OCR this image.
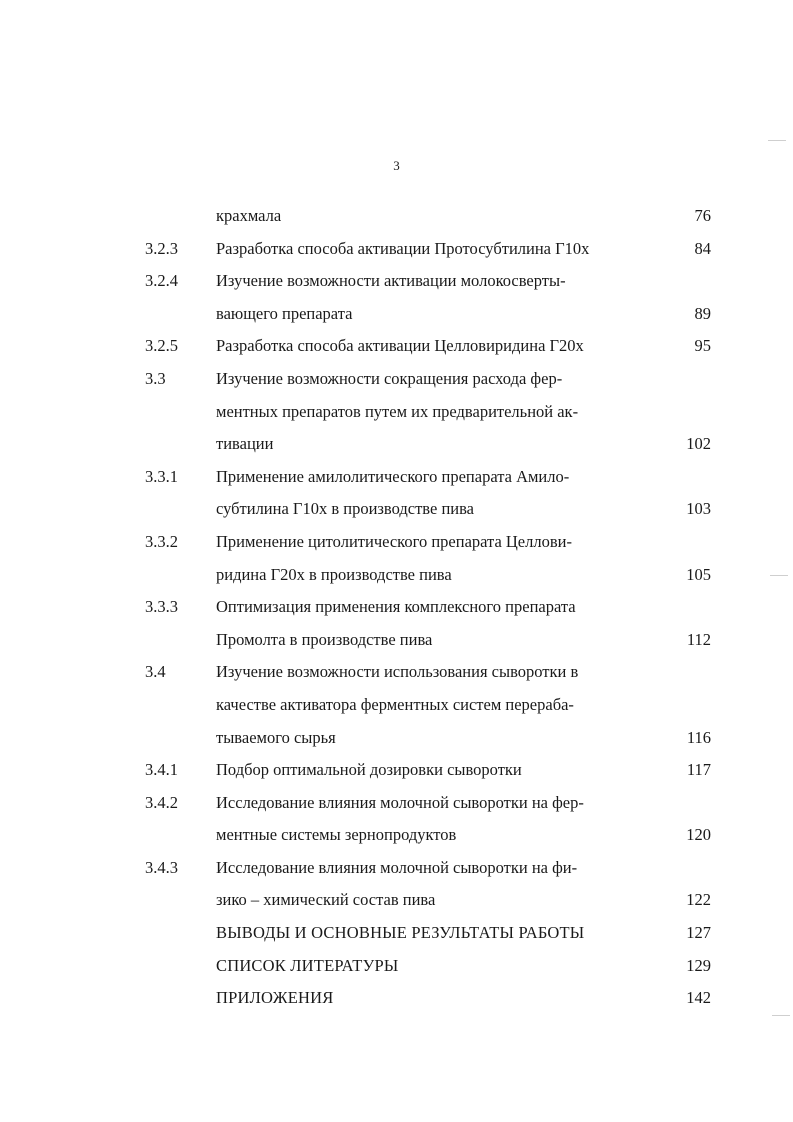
3
крахмала	76
3.2.3 Разработка способа активации Протосубтилина Г10х	84
3.2.4 Изучение возможности активации молокосверты-
вающего препарата	89
3.2.5 Разработка способа активации Целловиридина Г20х	95
3.3	Изучение возможности сокращения расхода фер-
ментных препаратов путем их предварительной ак-
тивации	102
3.3.1 Применение амилолитического препарата Амило-
субтилина Г10х в производстве пива	103
3.3.2 Применение цитолитического препарата Целлови-
ридина Г20х в производстве пива	105
3.3.3 Оптимизация применения комплексного препарата
Промолта в производстве пива	112
3.4	Изучение возможности использования сыворотки в
качестве активатора ферментных систем перераба-
тываемого сырья	116
3.4.1 Подбор оптимальной дозировки сыворотки	117
3.4.2 Исследование влияния молочной сыворотки на фер-
ментные системы зернопродуктов	120
3.4.3 Исследование влияния молочной сыворотки на фи-
зико – химический состав пива	122
ВЫВОДЫ И ОСНОВНЫЕ РЕЗУЛЬТАТЫ РАБОТЫ	127
СПИСОК ЛИТЕРАТУРЫ	129
ПРИЛОЖЕНИЯ	142
